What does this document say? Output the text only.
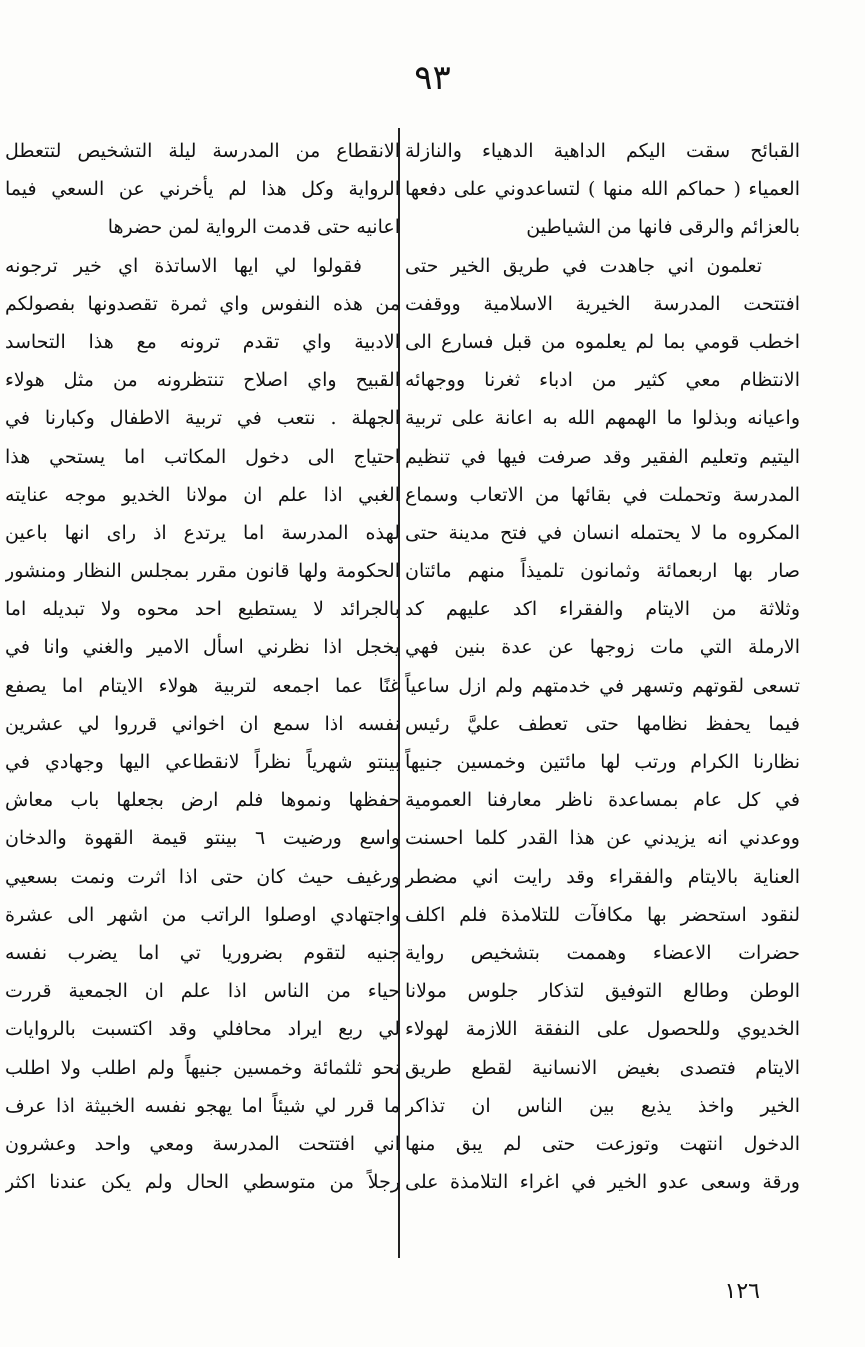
٩٣
القبائح سقت اليكم الداهية الدهياء والنازلة
العمياء ( حماكم الله منها ) لتساعدوني على دفعها
بالعزائم والرقى فانها من الشياطين
تعلمون اني جاهدت في طريق الخير حتى
افتتحت المدرسة الخيرية الاسلامية ووقفت
اخطب قومي بما لم يعلموه من قبل فسارع الى
الانتظام معي كثير من ادباء ثغرنا ووجهائه
واعيانه وبذلوا ما الهمهم الله به اعانة على تربية
اليتيم وتعليم الفقير وقد صرفت فيها في تنظيم
المدرسة وتحملت في بقائها من الاتعاب وسماع
المكروه ما لا يحتمله انسان في فتح مدينة حتى
صار بها اربعمائة وثمانون تلميذاً منهم مائتان
وثلاثة من الايتام والفقراء اكد عليهم كد
الارملة التي مات زوجها عن عدة بنين فهي
تسعى لقوتهم وتسهر في خدمتهم ولم ازل ساعياً
فيما يحفظ نظامها حتى تعطف عليَّ رئيس
نظارنا الكرام ورتب لها مائتين وخمسين جنيهاً
في كل عام بمساعدة ناظر معارفنا العمومية
ووعدني انه يزيدني عن هذا القدر كلما احسنت
العناية بالايتام والفقراء وقد رايت اني مضطر
لنقود استحضر بها مكافآت للتلامذة فلم اكلف
حضرات الاعضاء وهممت بتشخيص رواية
الوطن وطالع التوفيق لتذكار جلوس مولانا
الخديوي وللحصول على النفقة اللازمة لهولاء
الايتام فتصدى بغيض الانسانية لقطع طريق
الخير واخذ يذيع بين الناس ان تذاكر
الدخول انتهت وتوزعت حتى لم يبق منها
ورقة وسعى عدو الخير في اغراء التلامذة على
الانقطاع من المدرسة ليلة التشخيص لتتعطل
الرواية وكل هذا لم يأخرني عن السعي فيما
اعانيه حتى قدمت الرواية لمن حضرها
فقولوا لي ايها الاساتذة اي خير ترجونه
من هذه النفوس واي ثمرة تقصدونها بفصولكم
الادبية واي تقدم ترونه مع هذا التحاسد
القبيح واي اصلاح تنتظرونه من مثل هولاء
الجهلة . نتعب في تربية الاطفال وكبارنا في
احتياج الى دخول المكاتب اما يستحي هذا
الغبي اذا علم ان مولانا الخديو موجه عنايته
لهذه المدرسة اما يرتدع اذ راى انها باعين
الحكومة ولها قانون مقرر بمجلس النظار ومنشور
بالجرائد لا يستطيع احد محوه ولا تبديله اما
يخجل اذا نظرني اسأل الامير والغني وانا في
غنًا عما اجمعه لتربية هولاء الايتام اما يصفع
نفسه اذا سمع ان اخواني قرروا لي عشرين
بينتو شهرياً نظراً لانقطاعي اليها وجهادي في
حفظها ونموها فلم ارض بجعلها باب معاش
واسع ورضيت ٦ بينتو قيمة القهوة والدخان
ورغيف حيث كان حتى اذا اثرت ونمت بسعيي
واجتهادي اوصلوا الراتب من اشهر الى عشرة
جنيه لتقوم بضروريا تي اما يضرب نفسه
حياء من الناس اذا علم ان الجمعية قررت
لي ربع ايراد محافلي وقد اكتسبت بالروايات
نحو ثلثمائة وخمسين جنيهاً ولم اطلب ولا اطلب
ما قرر لي شيئاً اما يهجو نفسه الخبيثة اذا عرف
اني افتتحت المدرسة ومعي واحد وعشرون
رجلاً من متوسطي الحال ولم يكن عندنا اكثر
١٢٦
